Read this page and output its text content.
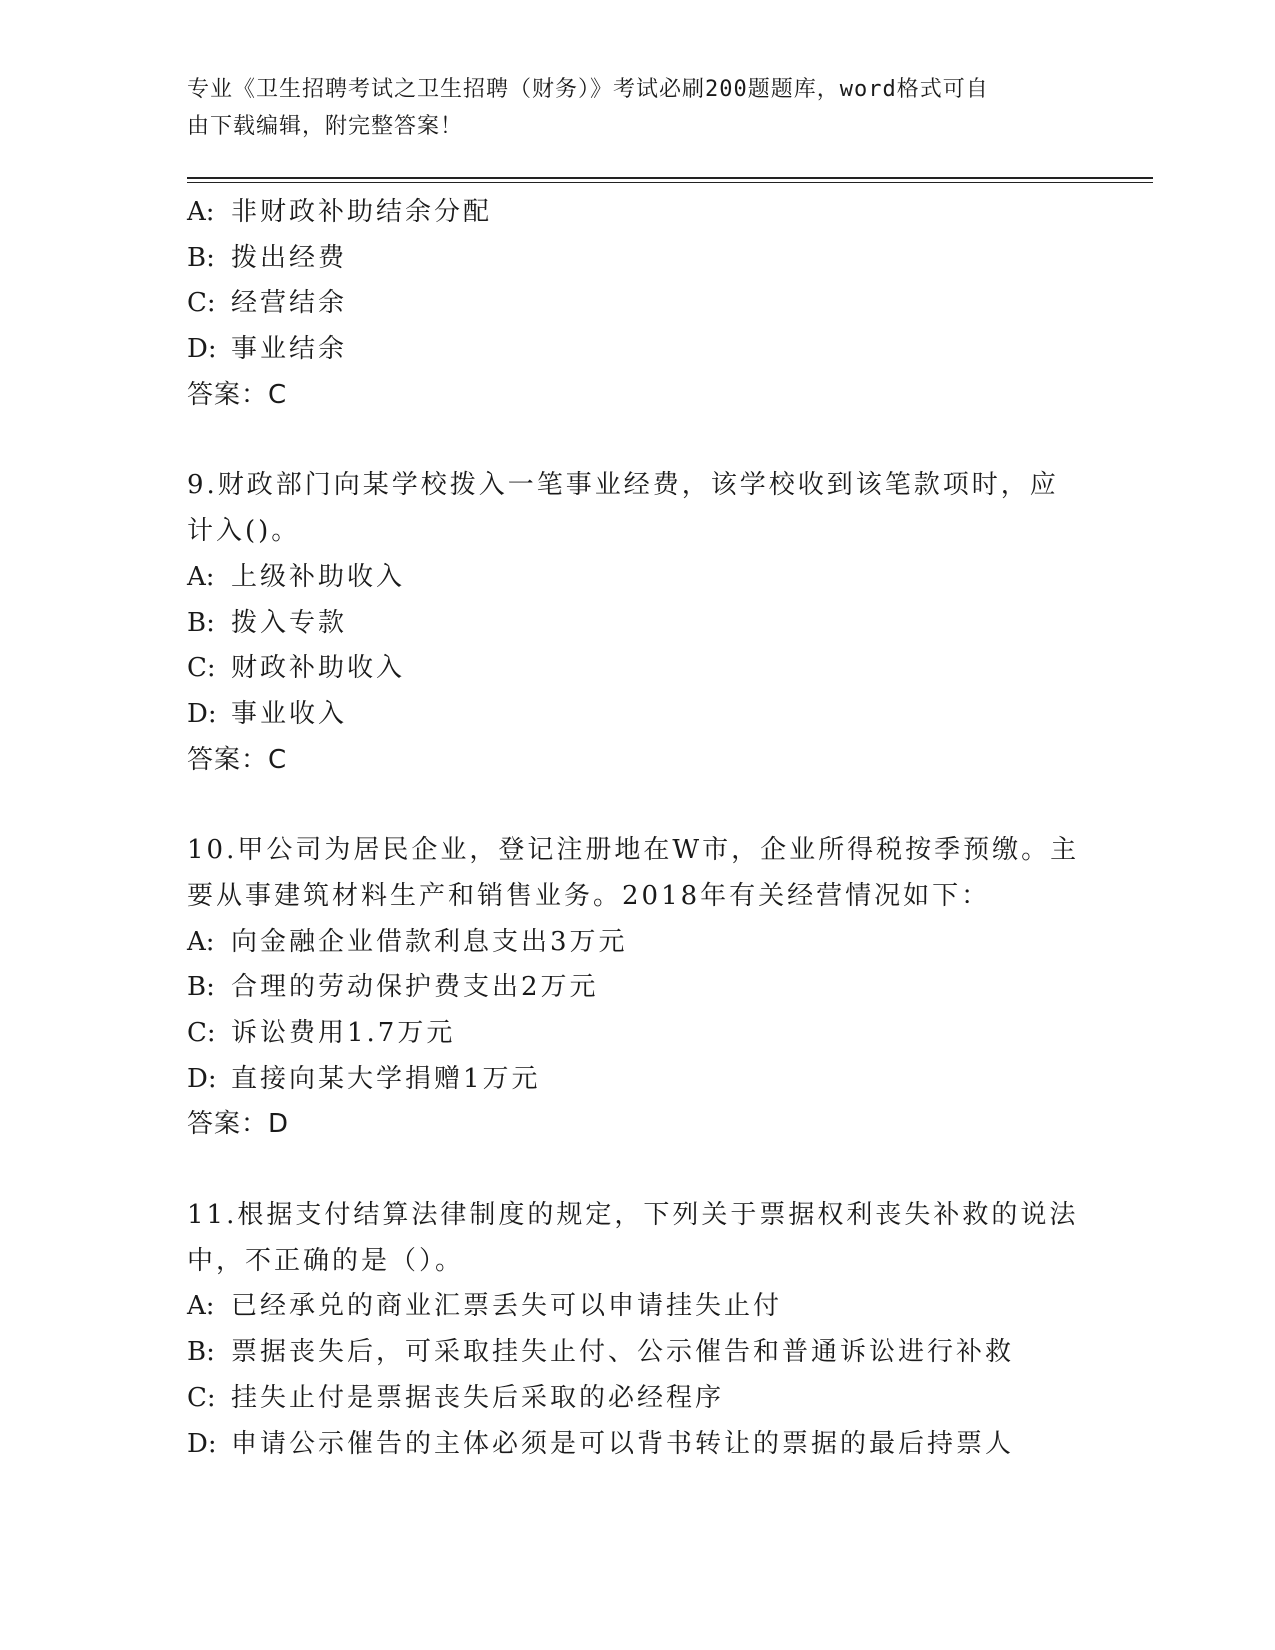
专业《卫生招聘考试之卫生招聘（财务）》考试必刷200题题库，word格式可自
由下载编辑，附完整答案！
A: 非财政补助结余分配
B: 拨出经费
C: 经营结余
D: 事业结余
答案：C
9.财政部门向某学校拨入一笔事业经费，该学校收到该笔款项时，应
计入()。
A: 上级补助收入
B: 拨入专款
C: 财政补助收入
D: 事业收入
答案：C
10.甲公司为居民企业，登记注册地在W市，企业所得税按季预缴。主
要从事建筑材料生产和销售业务。2018年有关经营情况如下：
A: 向金融企业借款利息支出3万元
B: 合理的劳动保护费支出2万元
C: 诉讼费用1.7万元
D: 直接向某大学捐赠1万元
答案：D
11.根据支付结算法律制度的规定，下列关于票据权利丧失补救的说法
中，不正确的是（）。
A: 已经承兑的商业汇票丢失可以申请挂失止付
B: 票据丧失后，可采取挂失止付、公示催告和普通诉讼进行补救
C: 挂失止付是票据丧失后采取的必经程序
D: 申请公示催告的主体必须是可以背书转让的票据的最后持票人
